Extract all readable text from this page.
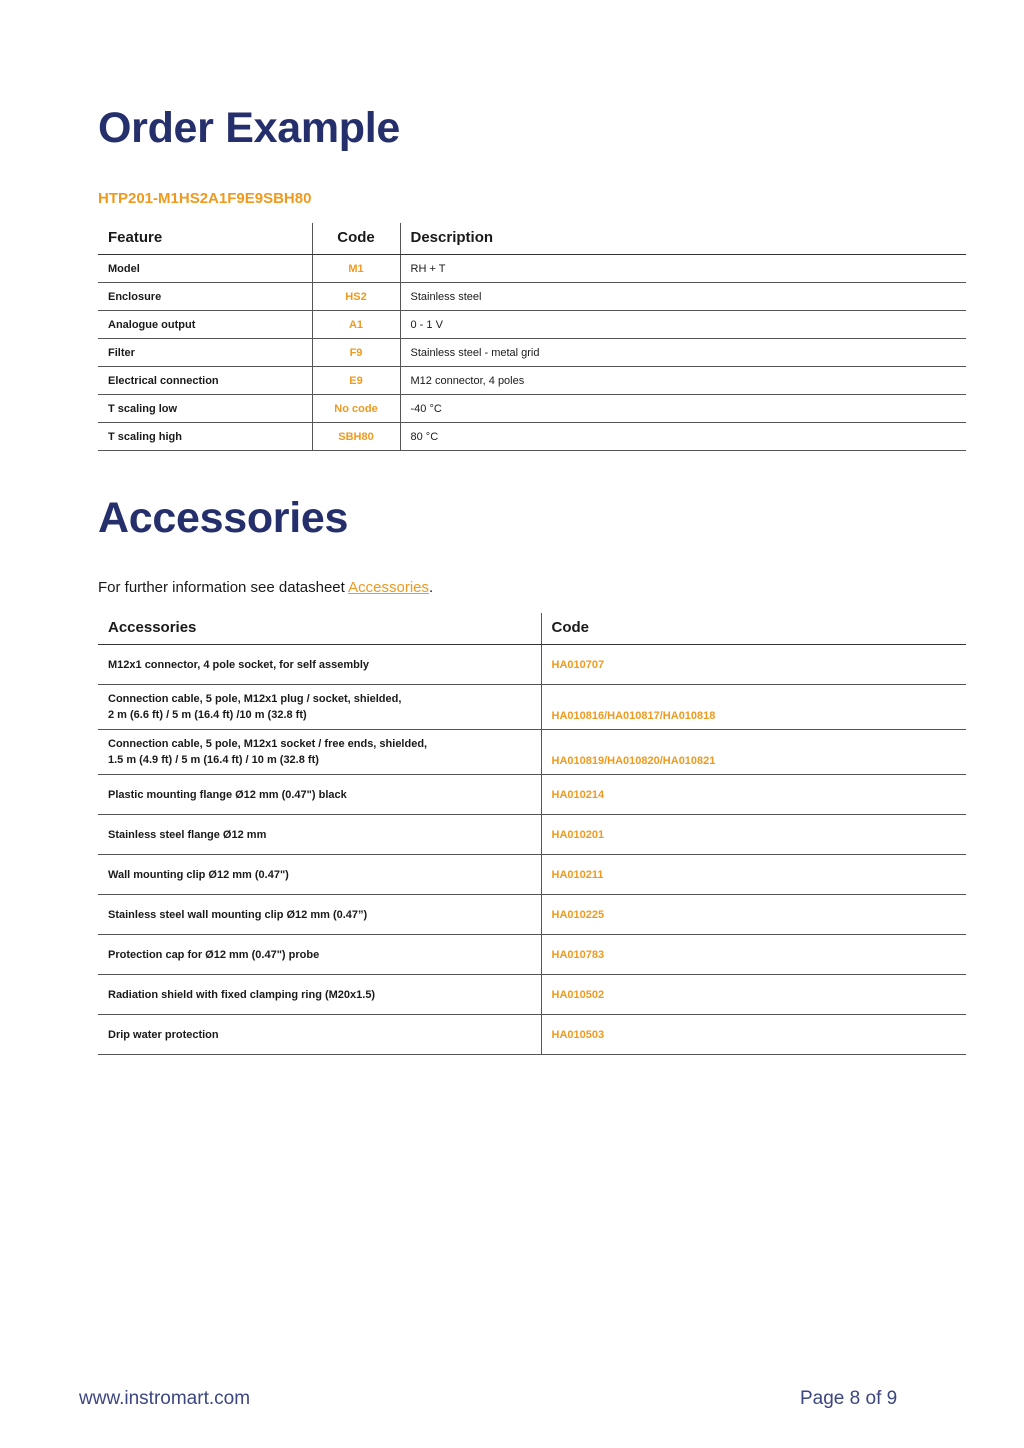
Order Example
HTP201-M1HS2A1F9E9SBH80
Feature	Code	Description
Model	M1	RH + T
Enclosure	HS2	Stainless steel
Analogue output	A1	0 - 1 V
Filter	F9	Stainless steel - metal grid
Electrical connection	E9	M12 connector, 4 poles
T scaling low	No code	-40 °C
T scaling high	SBH80	80 °C
Accessories
For further information see datasheet Accessories.
Accessories	Code
M12x1 connector, 4 pole socket, for self assembly	HA010707
Connection cable, 5 pole, M12x1 plug / socket, shielded,
2 m (6.6 ft) / 5 m (16.4 ft) /10 m (32.8 ft)	HA010816/HA010817/HA010818
Connection cable, 5 pole, M12x1 socket / free ends, shielded,
1.5 m (4.9 ft) / 5 m (16.4 ft) / 10 m (32.8 ft)	HA010819/HA010820/HA010821
Plastic mounting flange Ø12 mm (0.47") black	HA010214
Stainless steel flange Ø12 mm	HA010201
Wall mounting clip Ø12 mm (0.47")	HA010211
Stainless steel wall mounting clip Ø12 mm (0.47”)	HA010225
Protection cap for Ø12 mm (0.47") probe	HA010783
Radiation shield with fixed clamping ring (M20x1.5)	HA010502
Drip water protection	HA010503
www.instromart.com	Page 8 of 9
